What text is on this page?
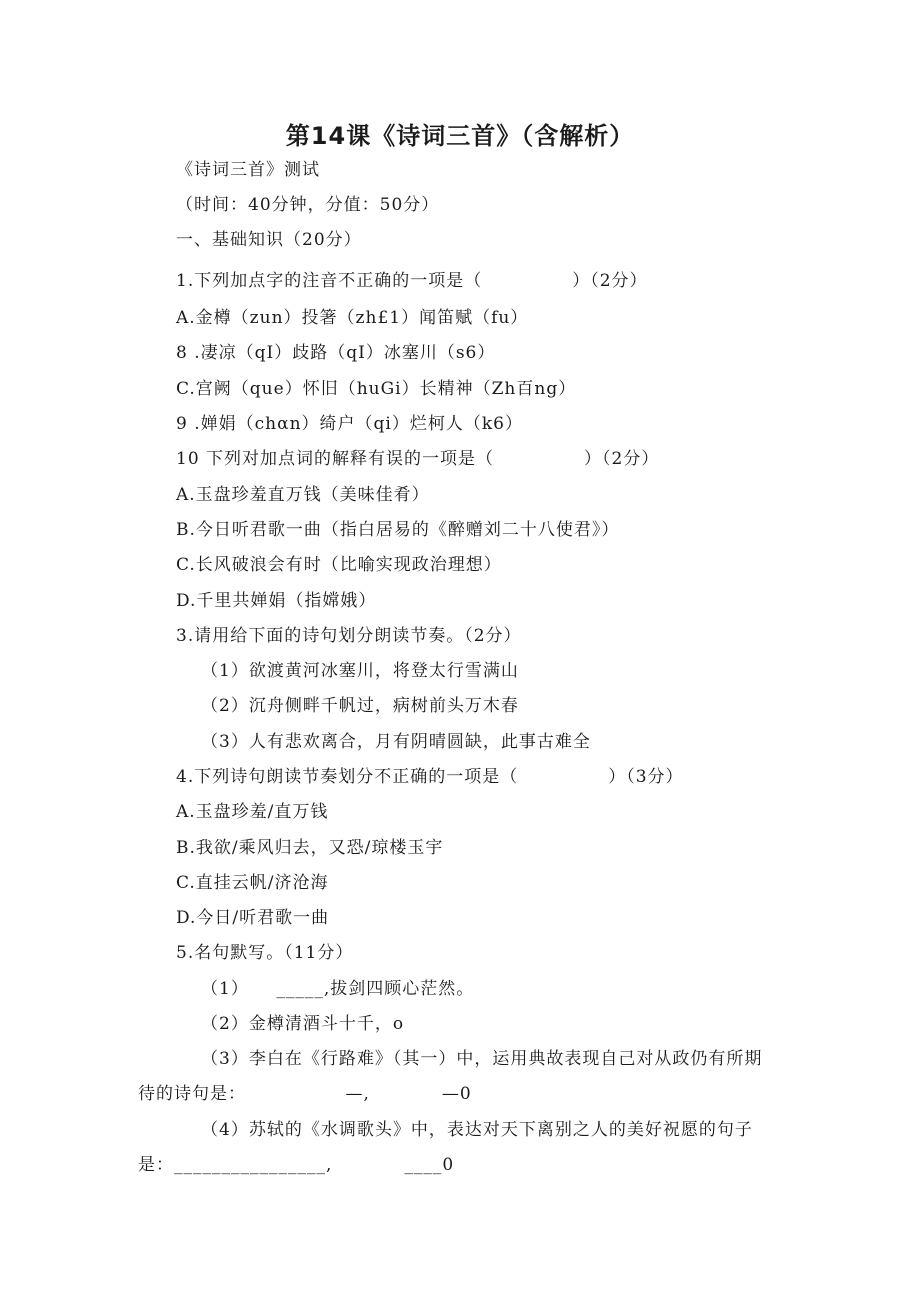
第14课《诗词三首》（含解析）
《诗词三首》测试
（时间：40分钟，分值：50分）
一、基础知识（20分）
1.下列加点字的注音不正确的一项是（　　　　　）（2分）
A.金樽（zun）投箸（zh£1）闻笛赋（fu）
8 .凄凉（qI）歧路（qI）冰塞川（s6）
C.宫阙（que）怀旧（huGi）长精神（Zh百ng）
9 .婵娟（chαn）绮户（qi）烂柯人（k6）
10 下列对加点词的解释有误的一项是（　　　　　）（2分）
A.玉盘珍羞直万钱（美味佳肴）
B.今日听君歌一曲（指白居易的《醉赠刘二十八使君》）
C.长风破浪会有时（比喻实现政治理想）
D.千里共婵娟（指嫦娥）
3.请用给下面的诗句划分朗读节奏。（2分）
（1）欲渡黄河冰塞川，将登太行雪满山
（2）沉舟侧畔千帆过，病树前头万木春
（3）人有悲欢离合，月有阴晴圆缺，此事古难全
4.下列诗句朗读节奏划分不正确的一项是（　　　　　）（3分）
A.玉盘珍羞/直万钱
B.我欲/乘风归去，又恐/琼楼玉宇
C.直挂云帆/济沧海
D.今日/听君歌一曲
5.名句默写。（11分）
（1）　　_____,拔剑四顾心茫然。
（2）金樽清酒斗十千，o
（3）李白在《行路难》（其一）中，运用典故表现自己对从政仍有所期
待的诗句是：　　　　　　—,　　　　—0
（4）苏轼的《水调歌头》中，表达对天下离别之人的美好祝愿的句子
是：________________,　　　　____0
